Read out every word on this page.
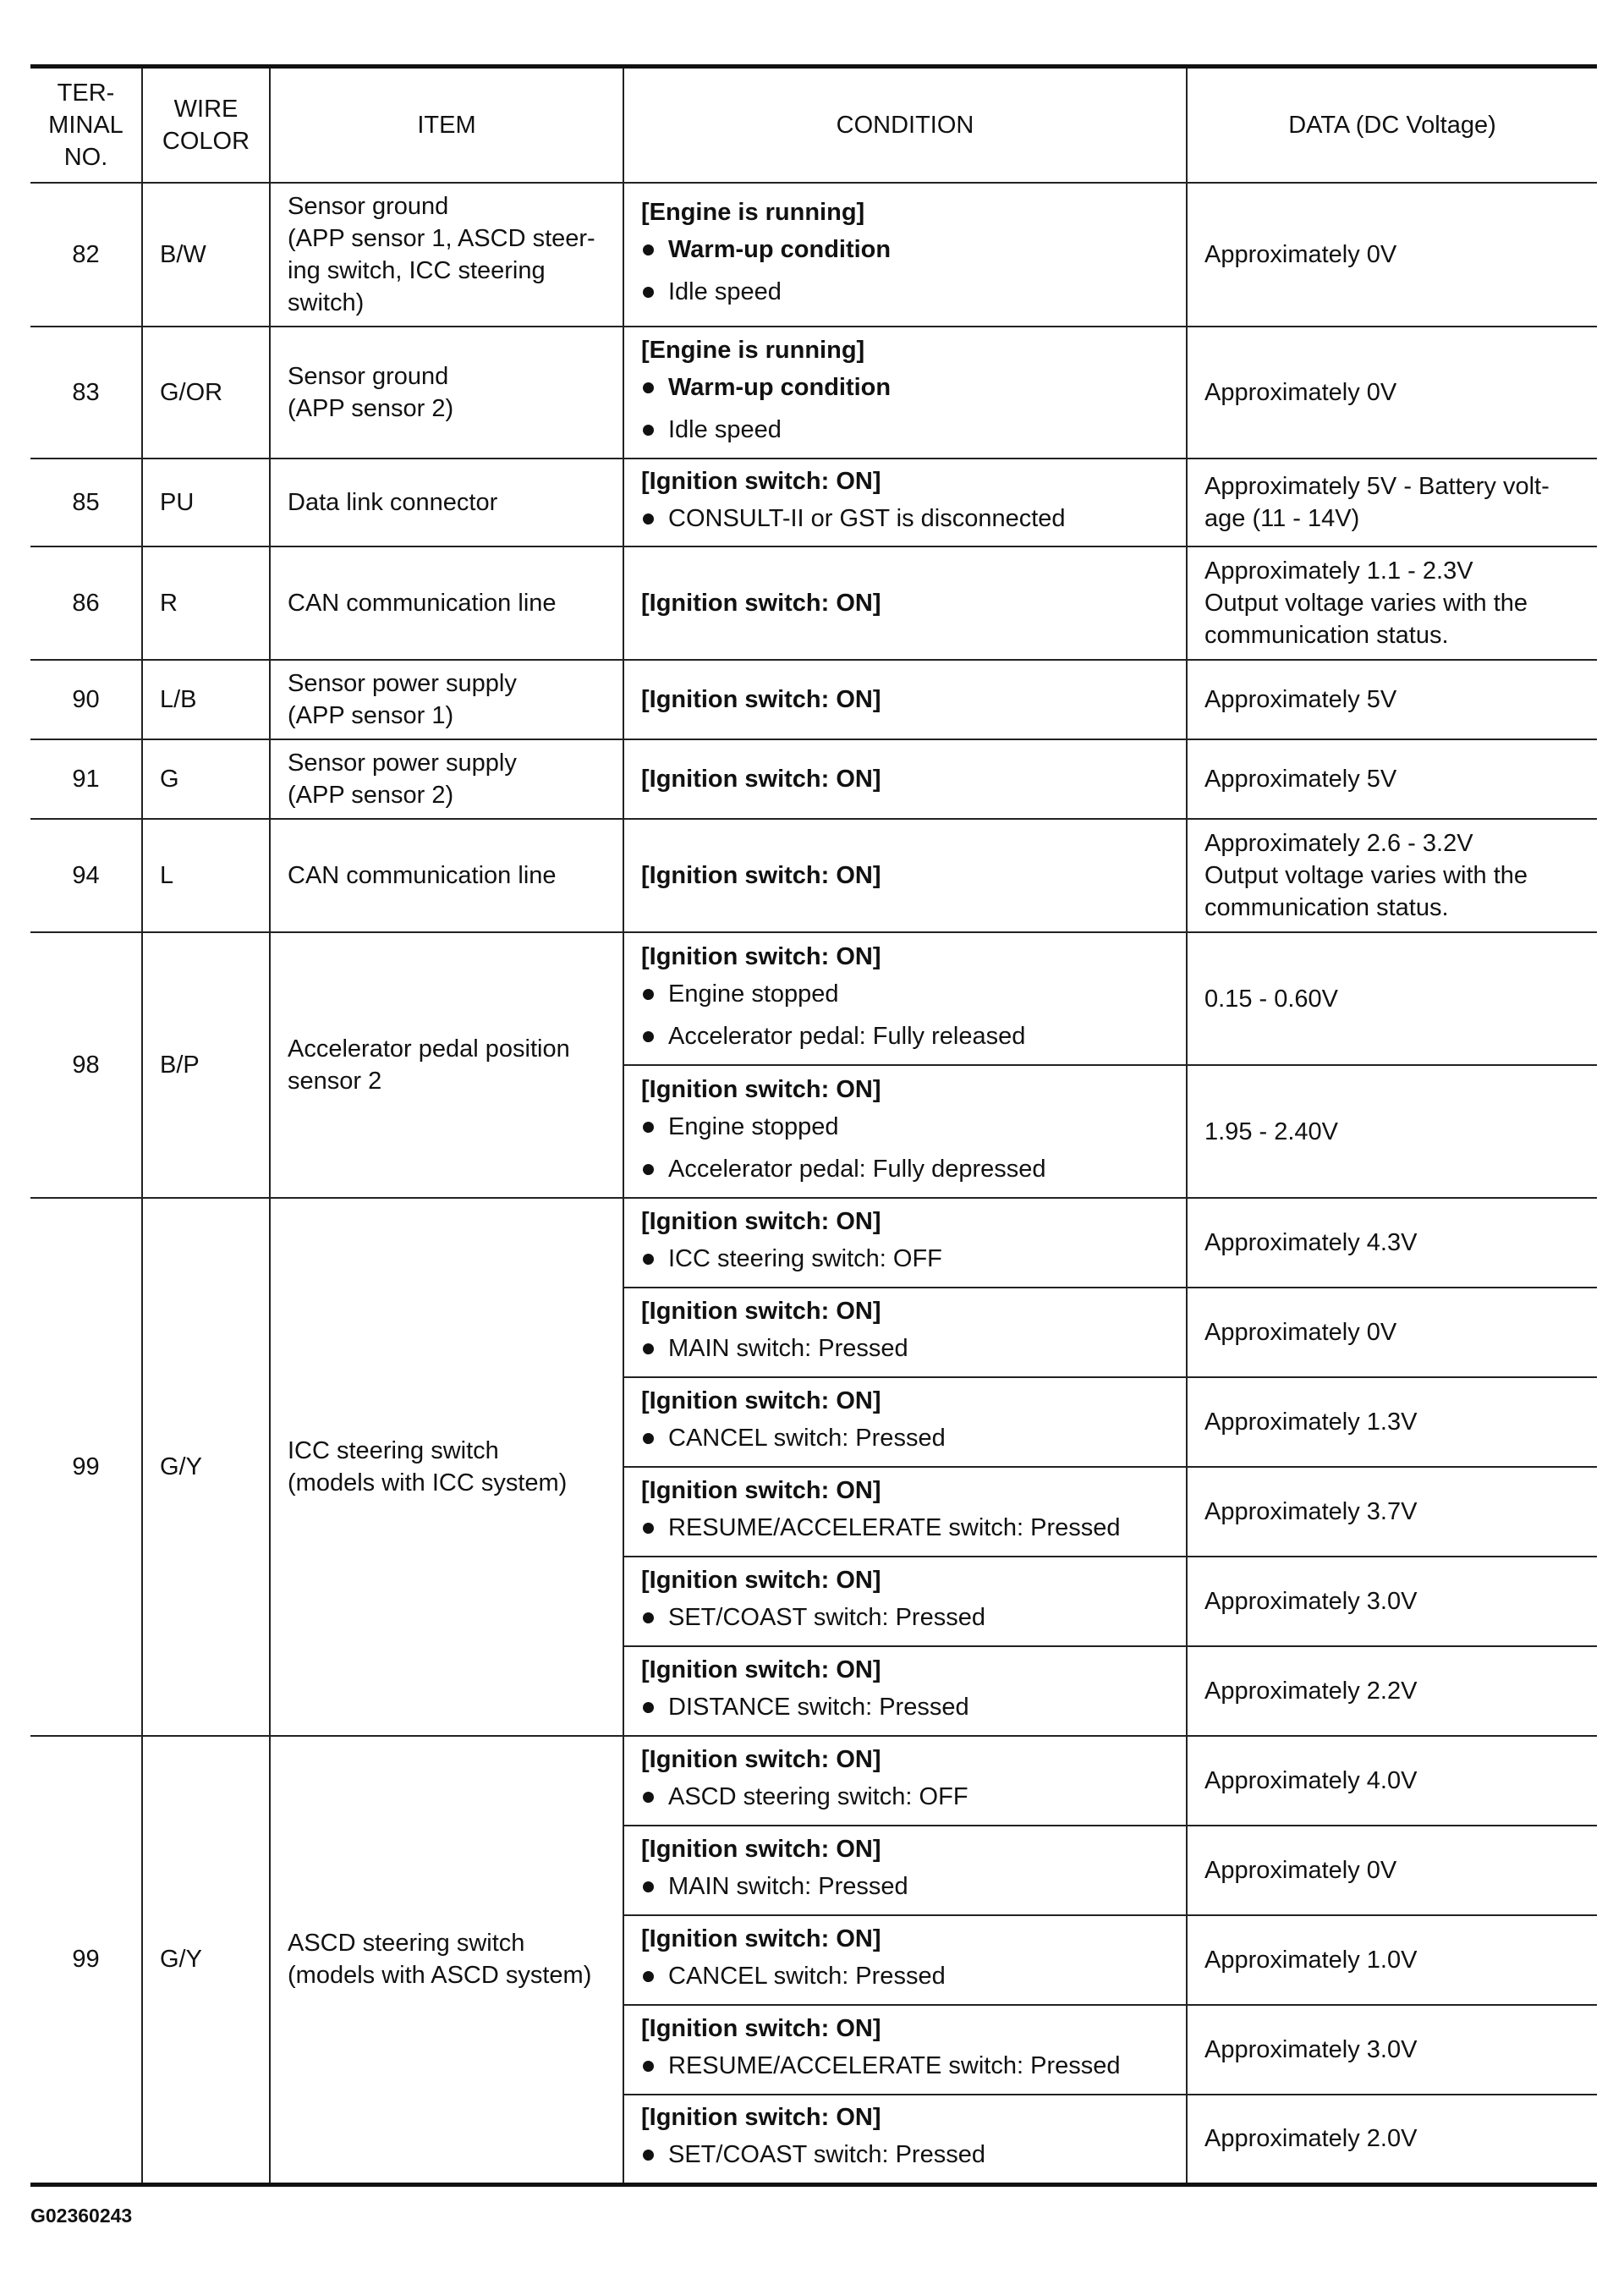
TER-
MINAL
NO.	WIRE
COLOR	ITEM	CONDITION	DATA (DC Voltage)
82	B/W	Sensor ground
(APP sensor 1, ASCD steer-
ing switch, ICC steering
switch)	[Engine is running]
Warm-up condition
Idle speed	Approximately 0V

83	G/OR	Sensor ground
(APP sensor 2)	[Engine is running]
Warm-up condition
Idle speed	Approximately 0V

85	PU	Data link connector	[Ignition switch: ON]
CONSULT-II or GST is disconnected	Approximately 5V - Battery volt-
age (11 - 14V)

86	R	CAN communication line	[Ignition switch: ON]	Approximately 1.1 - 2.3V
Output voltage varies with the
communication status.

90	L/B	Sensor power supply
(APP sensor 1)	[Ignition switch: ON]	Approximately 5V

91	G	Sensor power supply
(APP sensor 2)	[Ignition switch: ON]	Approximately 5V

94	L	CAN communication line	[Ignition switch: ON]	Approximately 2.6 - 3.2V
Output voltage varies with the
communication status.

98	B/P	Accelerator pedal position
sensor 2	[Ignition switch: ON]
Engine stopped
Accelerator pedal: Fully released	0.15 - 0.60V

			[Ignition switch: ON]
Engine stopped
Accelerator pedal: Fully depressed	1.95 - 2.40V

99	G/Y	ICC steering switch
(models with ICC system)	[Ignition switch: ON]
ICC steering switch: OFF	Approximately 4.3V

			[Ignition switch: ON]
MAIN switch: Pressed	Approximately 0V

			[Ignition switch: ON]
CANCEL switch: Pressed	Approximately 1.3V

			[Ignition switch: ON]
RESUME/ACCELERATE switch: Pressed	Approximately 3.7V

			[Ignition switch: ON]
SET/COAST switch: Pressed	Approximately 3.0V

			[Ignition switch: ON]
DISTANCE switch: Pressed	Approximately 2.2V

99	G/Y	ASCD steering switch
(models with ASCD system)	[Ignition switch: ON]
ASCD steering switch: OFF	Approximately 4.0V

			[Ignition switch: ON]
MAIN switch: Pressed	Approximately 0V

			[Ignition switch: ON]
CANCEL switch: Pressed	Approximately 1.0V

			[Ignition switch: ON]
RESUME/ACCELERATE switch: Pressed	Approximately 3.0V

			[Ignition switch: ON]
SET/COAST switch: Pressed	Approximately 2.0V
G02360243
